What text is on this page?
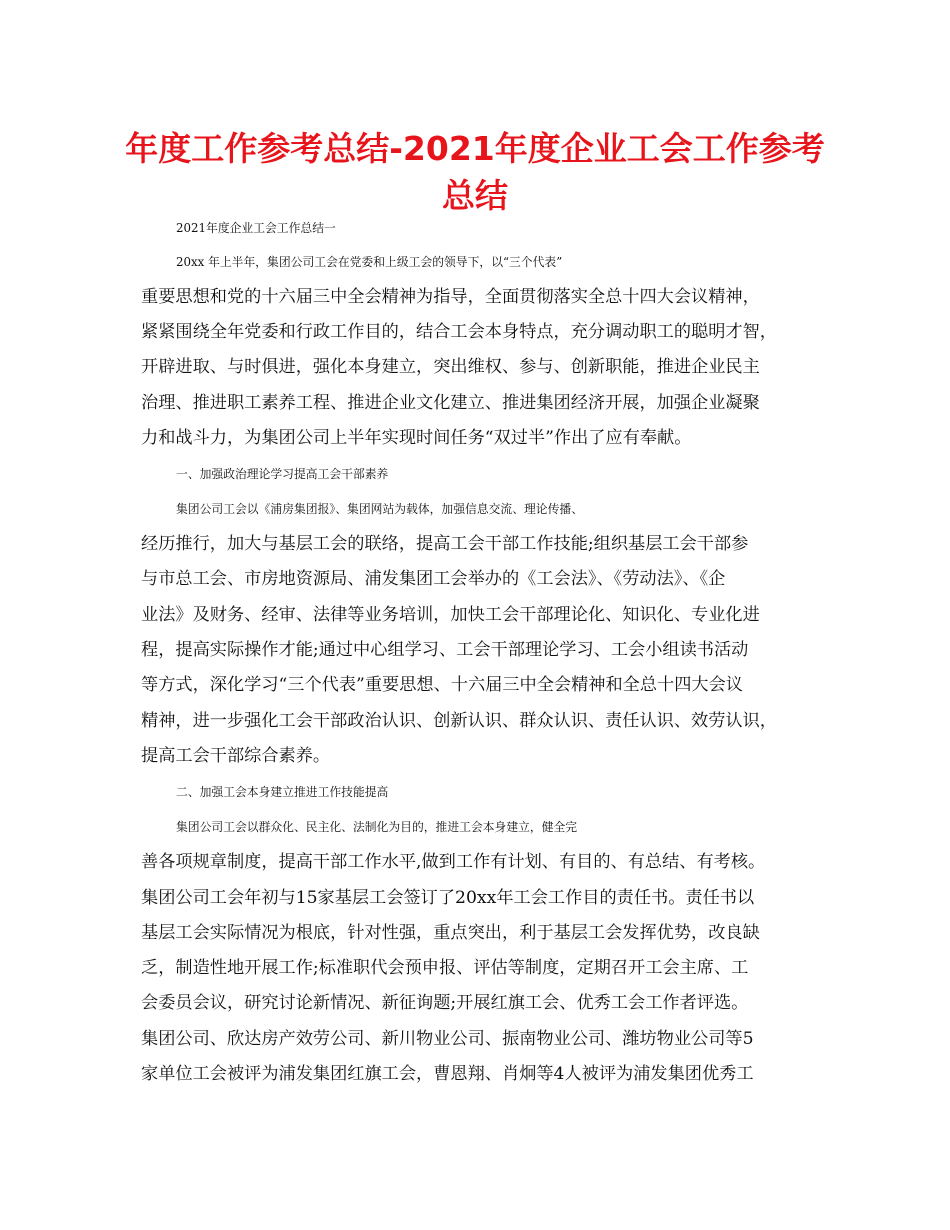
年度工作参考总结-2021年度企业工会工作参考
总结
2021年度企业工会工作总结一
20xx 年上半年，集团公司工会在党委和上级工会的领导下，以“三个代表”
重要思想和党的十六届三中全会精神为指导，全面贯彻落实全总十四大会议精神，
紧紧围绕全年党委和行政工作目的，结合工会本身特点，充分调动职工的聪明才智，
开辟进取、与时俱进，强化本身建立，突出维权、参与、创新职能，推进企业民主
治理、推进职工素养工程、推进企业文化建立、推进集团经济开展，加强企业凝聚
力和战斗力，为集团公司上半年实现时间任务“双过半”作出了应有奉献。
一、加强政治理论学习提高工会干部素养
集团公司工会以《浦房集团报》、集团网站为载体，加强信息交流、理论传播、
经历推行，加大与基层工会的联络，提高工会干部工作技能;组织基层工会干部参
与市总工会、市房地资源局、浦发集团工会举办的《工会法》、《劳动法》、《企
业法》及财务、经审、法律等业务培训，加快工会干部理论化、知识化、专业化进
程，提高实际操作才能;通过中心组学习、工会干部理论学习、工会小组读书活动
等方式，深化学习“三个代表”重要思想、十六届三中全会精神和全总十四大会议
精神，进一步强化工会干部政治认识、创新认识、群众认识、责任认识、效劳认识，
提高工会干部综合素养。
二、加强工会本身建立推进工作技能提高
集团公司工会以群众化、民主化、法制化为目的，推进工会本身建立，健全完
善各项规章制度，提高干部工作水平,做到工作有计划、有目的、有总结、有考核。
集团公司工会年初与15家基层工会签订了20xx年工会工作目的责任书。责任书以
基层工会实际情况为根底，针对性强，重点突出，利于基层工会发挥优势，改良缺
乏，制造性地开展工作;标准职代会预申报、评估等制度，定期召开工会主席、工
会委员会议，研究讨论新情况、新征询题;开展红旗工会、优秀工会工作者评选。
集团公司、欣达房产效劳公司、新川物业公司、振南物业公司、潍坊物业公司等5
家单位工会被评为浦发集团红旗工会，曹恩翔、肖炯等4人被评为浦发集团优秀工
